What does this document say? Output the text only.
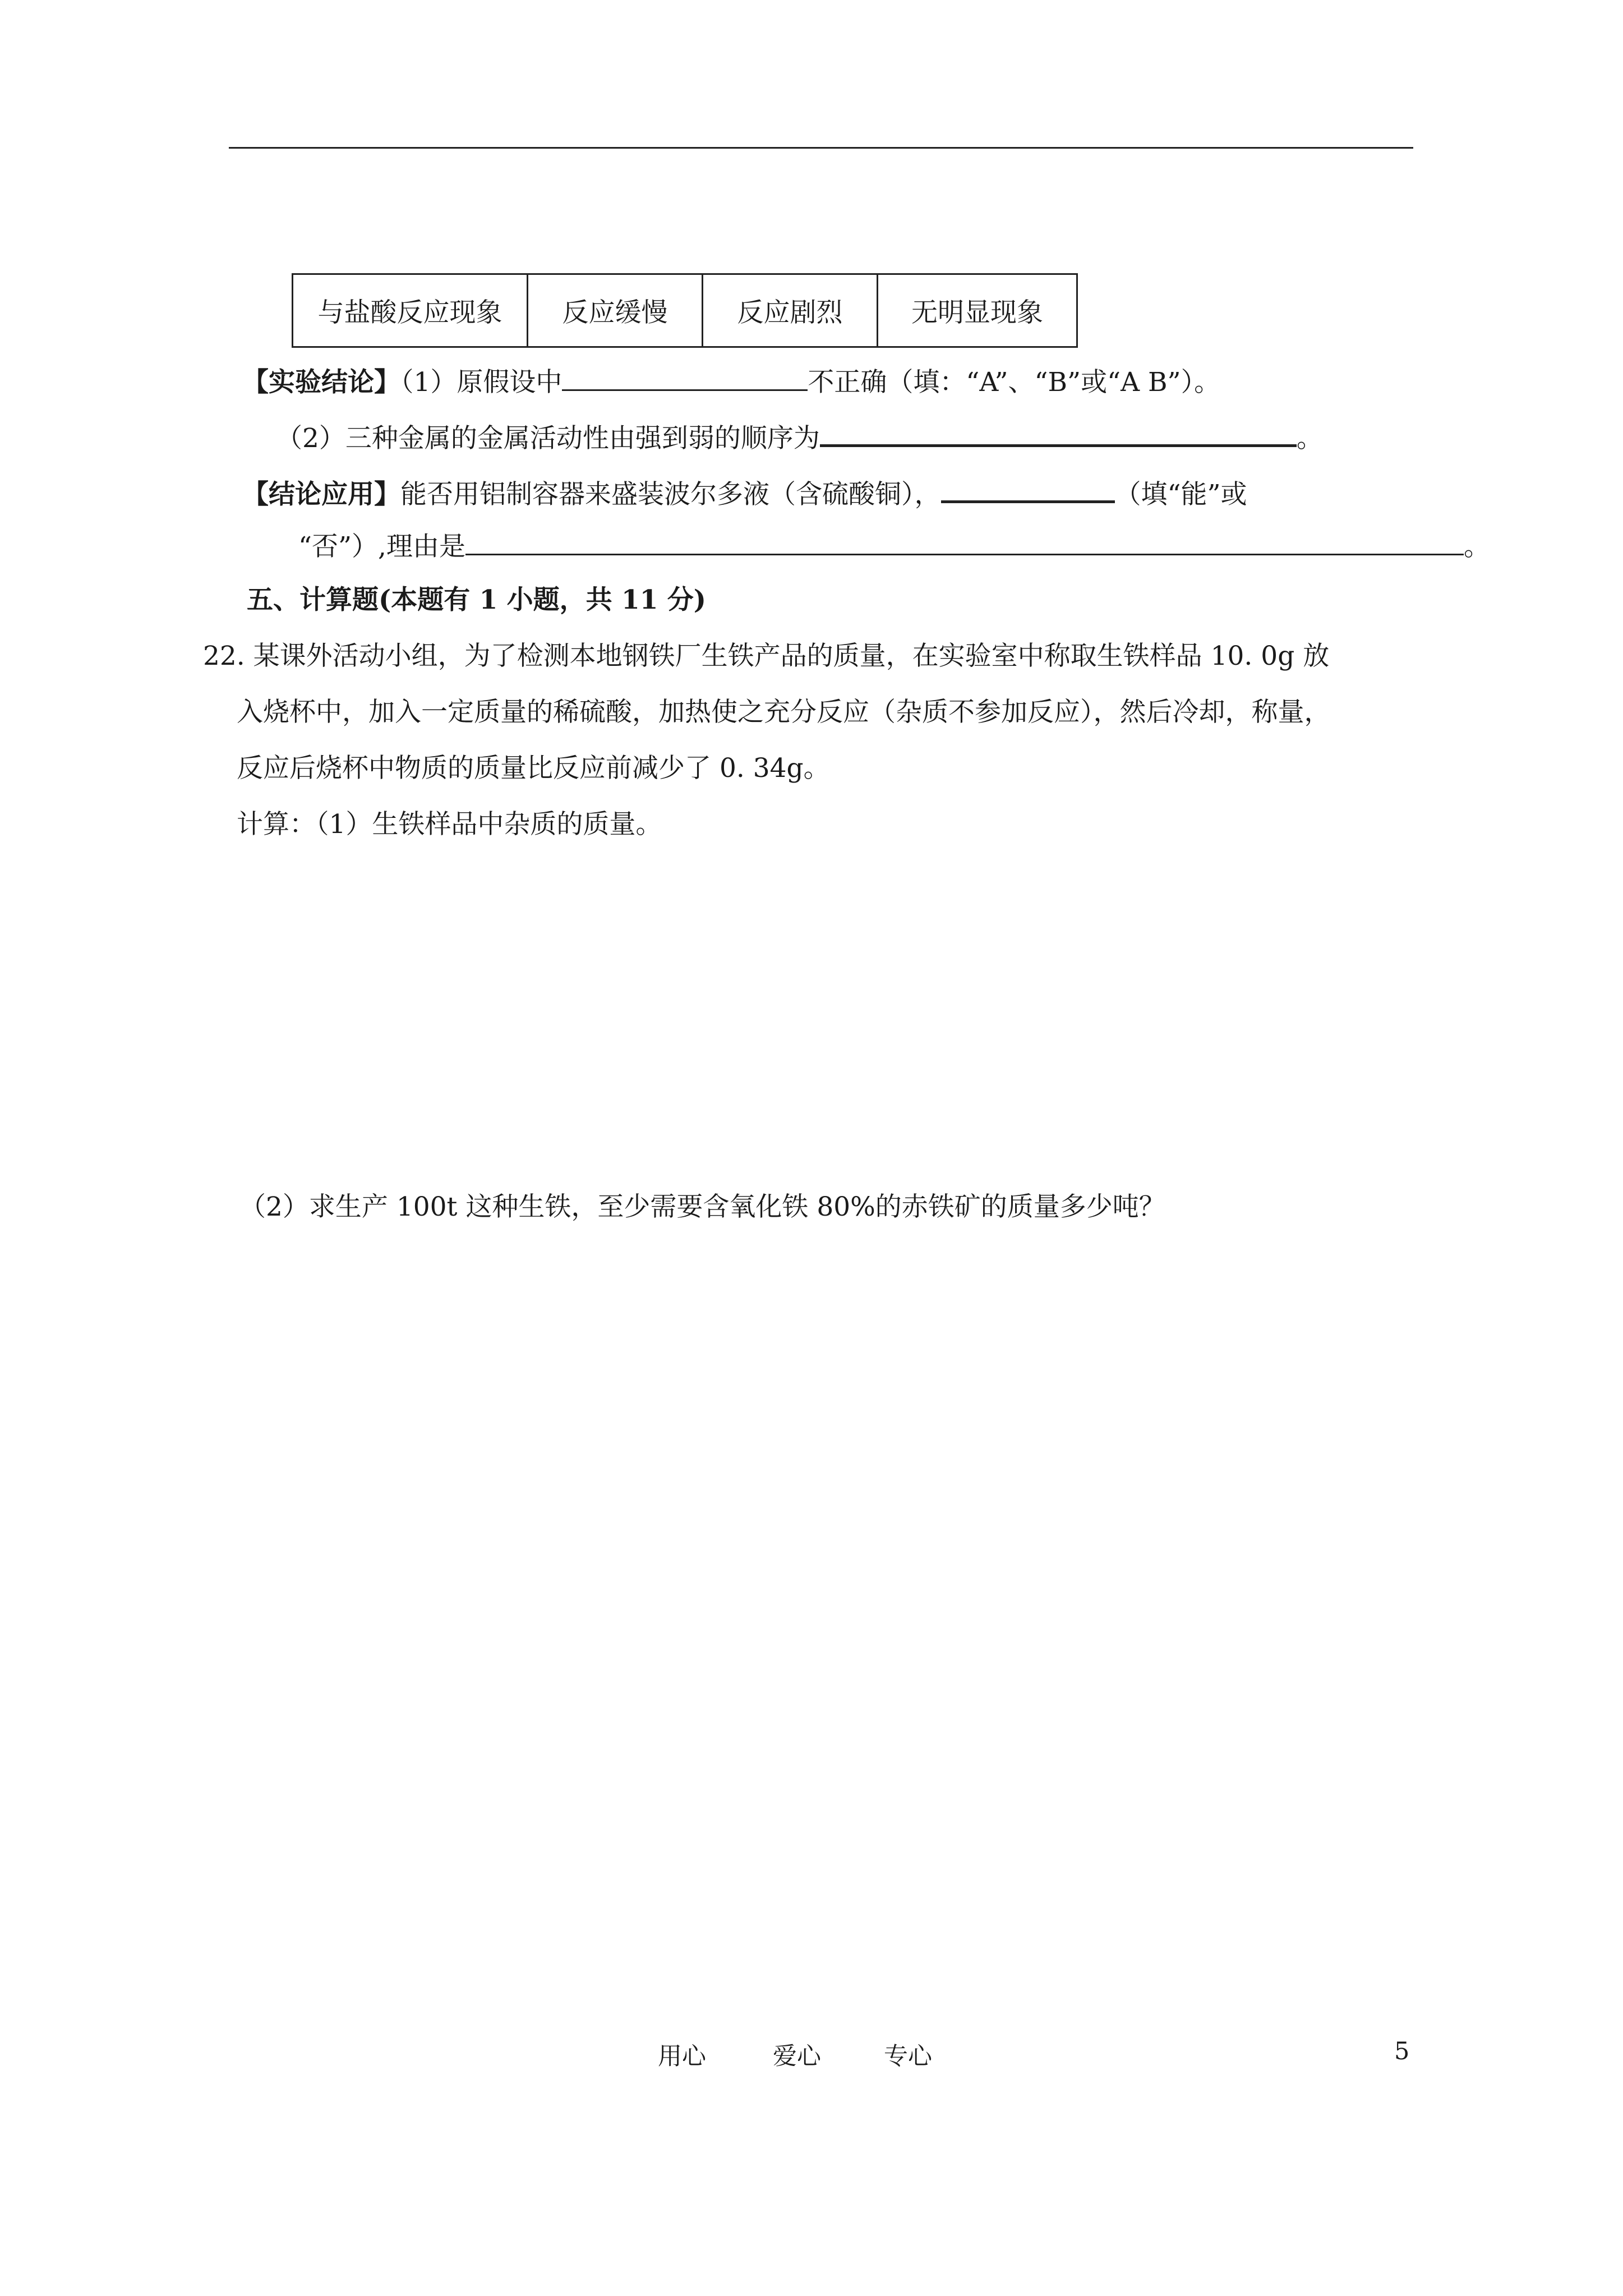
与盐酸反应现象	反应缓慢	反应剧烈	无明显现象
【实验结论】（1）原假设中	不正确（填：“A”、“B”或“A B”）。
（2）三种金属的金属活动性由强到弱的顺序为	。
【结论应用】能否用铝制容器来盛装波尔多液（含硫酸铜），	（填“能”或
“否”）,理由是	。
五、计算题(本题有 1 小题，共 11 分)
22. 某课外活动小组，为了检测本地钢铁厂生铁产品的质量，在实验室中称取生铁样品 10. 0g 放
入烧杯中，加入一定质量的稀硫酸，加热使之充分反应（杂质不参加反应），然后冷却，称量，
反应后烧杯中物质的质量比反应前减少了 0. 34g。
计算：（1）生铁样品中杂质的质量。
（2）求生产 100t 这种生铁，至少需要含氧化铁 80%的赤铁矿的质量多少吨？
用心	爱心	专心	5
